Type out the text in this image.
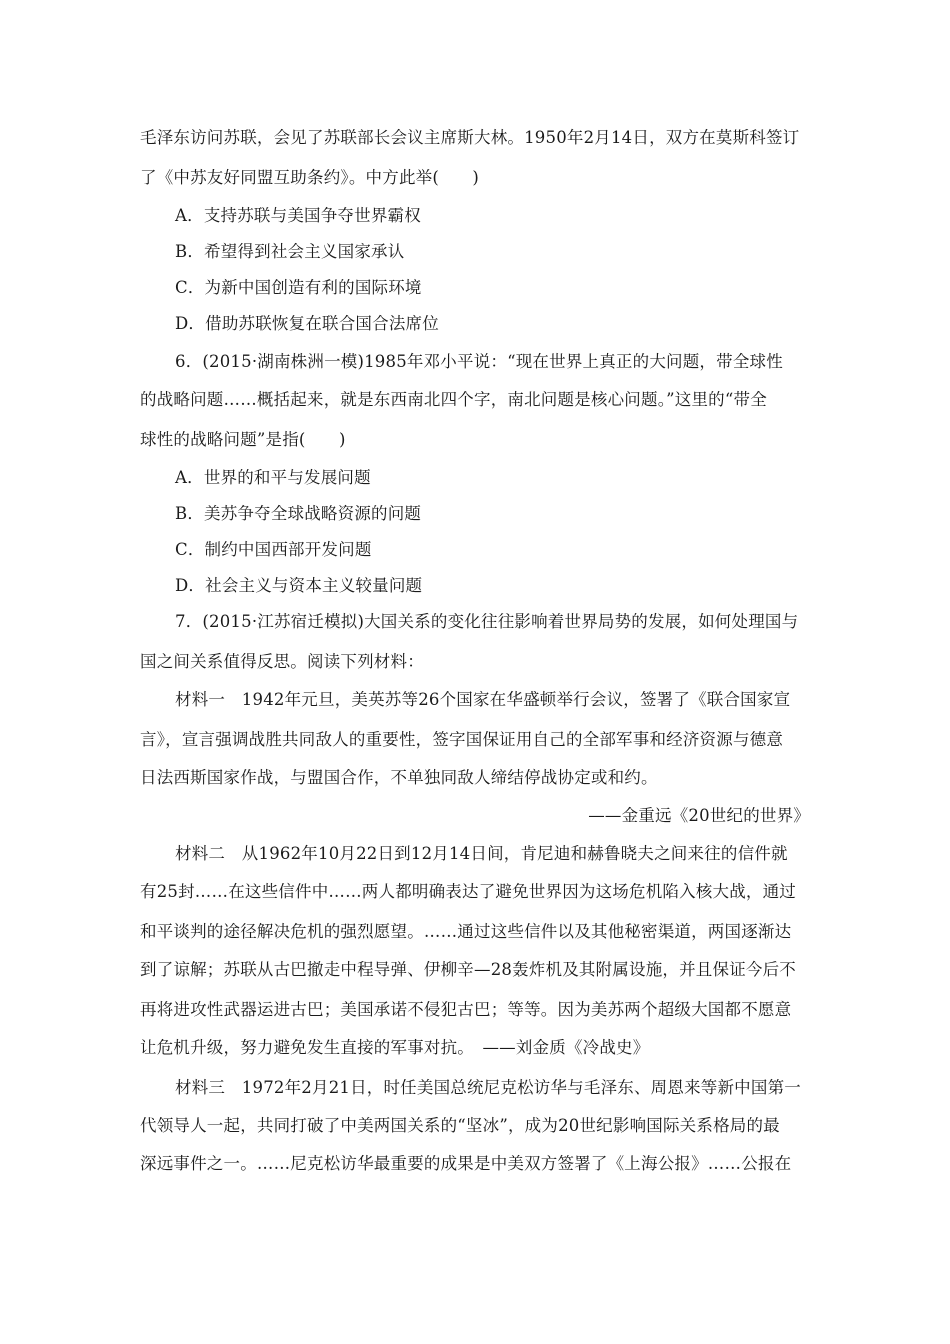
毛泽东访问苏联，会见了苏联部长会议主席斯大林。1950年2月14日，双方在莫斯科签订
了《中苏友好同盟互助条约》。中方此举(　　)
A．支持苏联与美国争夺世界霸权
B．希望得到社会主义国家承认
C．为新中国创造有利的国际环境
D．借助苏联恢复在联合国合法席位
6．(2015·湖南株洲一模)1985年邓小平说：“现在世界上真正的大问题，带全球性
的战略问题……概括起来，就是东西南北四个字，南北问题是核心问题。”这里的“带全
球性的战略问题”是指(　　)
A．世界的和平与发展问题
B．美苏争夺全球战略资源的问题
C．制约中国西部开发问题
D．社会主义与资本主义较量问题
7．(2015·江苏宿迁模拟)大国关系的变化往往影响着世界局势的发展，如何处理国与
国之间关系值得反思。阅读下列材料：
材料一　1942年元旦，美英苏等26个国家在华盛顿举行会议，签署了《联合国家宣
言》，宣言强调战胜共同敌人的重要性，签字国保证用自己的全部军事和经济资源与德意
日法西斯国家作战，与盟国合作，不单独同敌人缔结停战协定或和约。
——金重远《20世纪的世界》
材料二　从1962年10月22日到12月14日间，肯尼迪和赫鲁晓夫之间来往的信件就
有25封……在这些信件中……两人都明确表达了避免世界因为这场危机陷入核大战，通过
和平谈判的途径解决危机的强烈愿望。……通过这些信件以及其他秘密渠道，两国逐渐达
到了谅解；苏联从古巴撤走中程导弹、伊柳辛—28轰炸机及其附属设施，并且保证今后不
再将进攻性武器运进古巴；美国承诺不侵犯古巴；等等。因为美苏两个超级大国都不愿意
让危机升级，努力避免发生直接的军事对抗。　——刘金质《冷战史》
材料三　1972年2月21日，时任美国总统尼克松访华与毛泽东、周恩来等新中国第一
代领导人一起，共同打破了中美两国关系的“坚冰”，成为20世纪影响国际关系格局的最
深远事件之一。……尼克松访华最重要的成果是中美双方签署了《上海公报》……公报在
